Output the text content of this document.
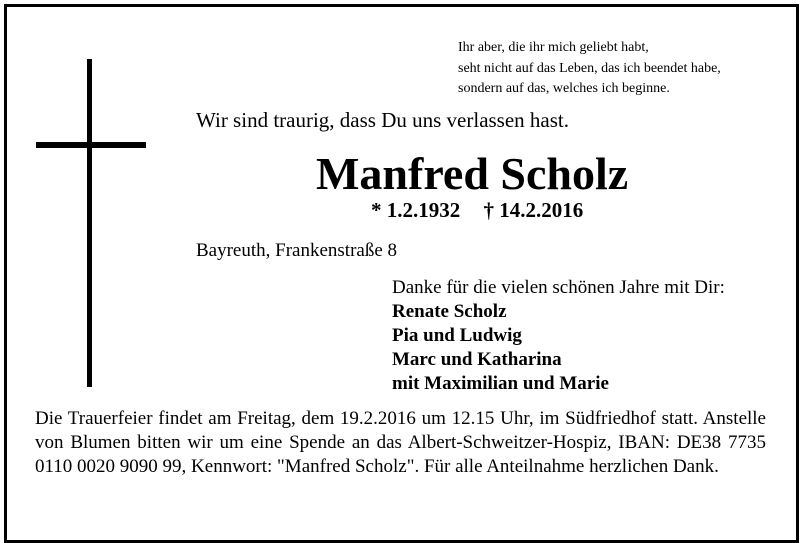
Ihr aber, die ihr mich geliebt habt,
seht nicht auf das Leben, das ich beendet habe,
sondern auf das, welches ich beginne.
Wir sind traurig, dass Du uns verlassen hast.
Manfred Scholz
* 1.2.1932 † 14.2.2016
Bayreuth, Frankenstraße 8
Danke für die vielen schönen Jahre mit Dir:
Renate Scholz
Pia und Ludwig
Marc und Katharina
mit Maximilian und Marie
Die Trauerfeier findet am Freitag, dem 19.2.2016 um 12.15 Uhr, im Südfriedhof statt. Anstelle von Blumen bitten wir um eine Spende an das Albert-Schweitzer-Hospiz, IBAN: DE38 7735 0110 0020 9090 99, Kennwort: "Manfred Scholz". Für alle Anteilnahme herzlichen Dank.
